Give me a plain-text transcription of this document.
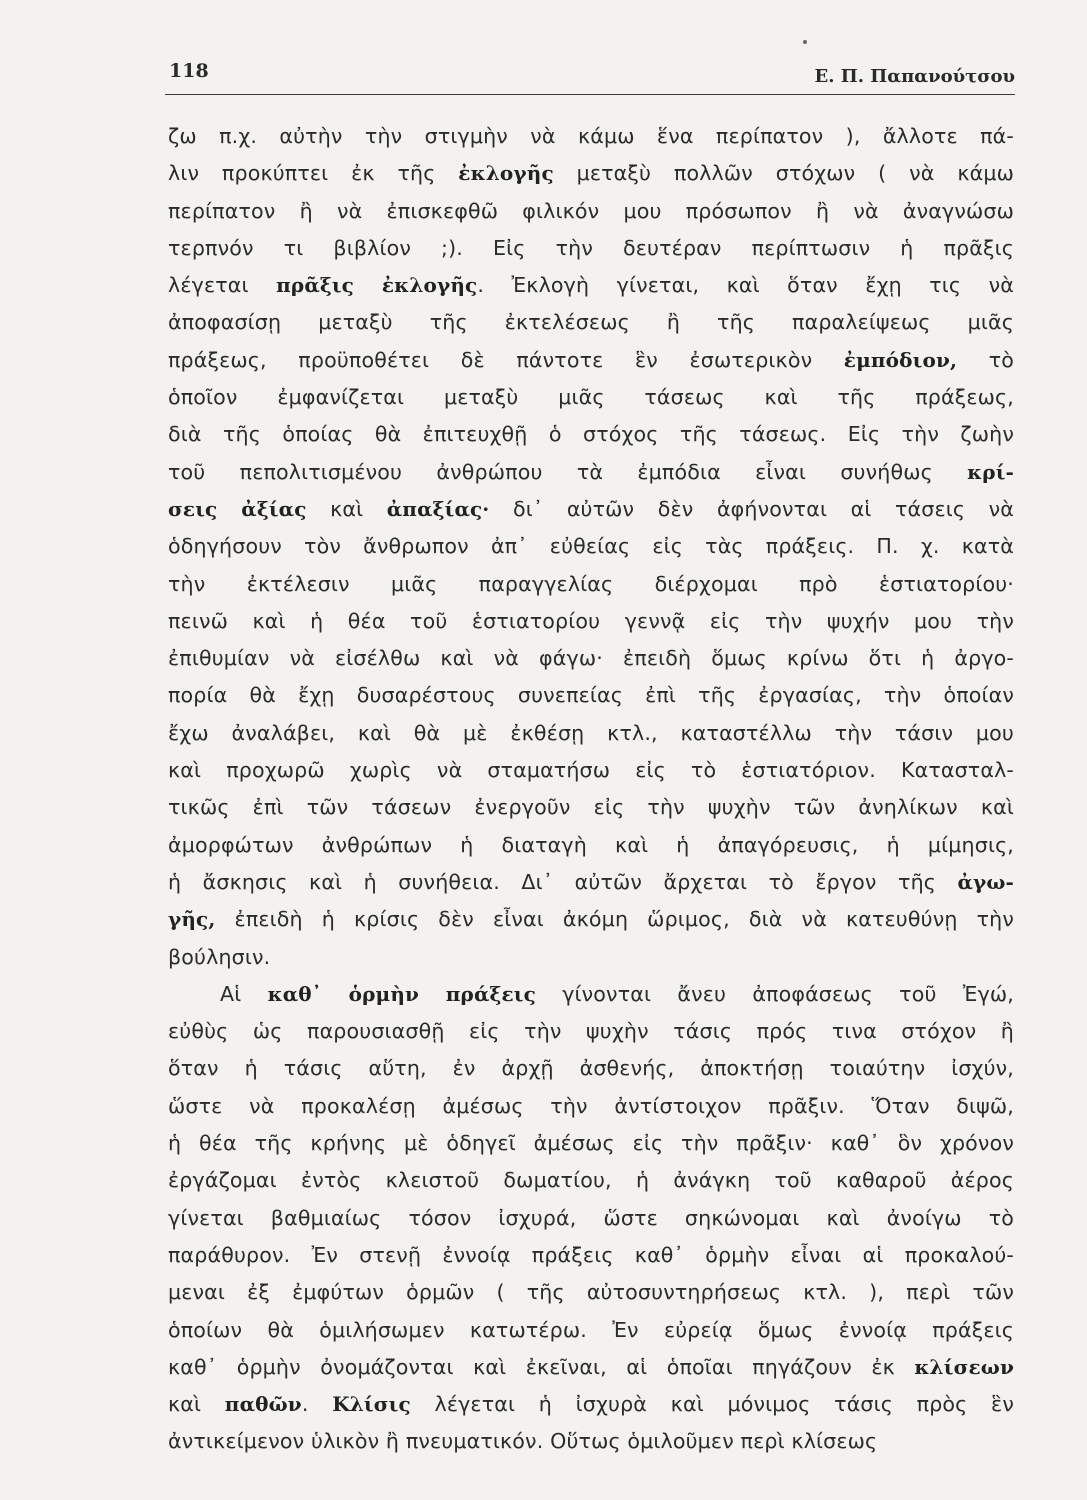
118	Ε. Π. Παπανούτσου
ζω π.χ. αὐτὴν τὴν στιγμὴν νὰ κάμω ἕνα περίπατον ), ἄλλοτε πά-
λιν προκύπτει ἐκ τῆς ἐκλογῆς μεταξὺ πολλῶν στόχων ( νὰ κάμω
περίπατον ἢ νὰ ἐπισκεφθῶ φιλικόν μου πρόσωπον ἢ νὰ ἀναγνώσω
τερπνόν τι βιβλίον ;). Εἰς τὴν δευτέραν περίπτωσιν ἡ πρᾶξις
λέγεται πρᾶξις ἐκλογῆς. Ἐκλογὴ γίνεται, καὶ ὅταν ἔχῃ τις νὰ
ἀποφασίσῃ μεταξὺ τῆς ἐκτελέσεως ἢ τῆς παραλείψεως μιᾶς
πράξεως, προϋποθέτει δὲ πάντοτε ἓν ἐσωτερικὸν ἐμπόδιον, τὸ
ὁποῖον ἐμφανίζεται μεταξὺ μιᾶς τάσεως καὶ τῆς πράξεως,
διὰ τῆς ὁποίας θὰ ἐπιτευχθῇ ὁ στόχος τῆς τάσεως. Εἰς τὴν ζωὴν
τοῦ πεπολιτισμένου ἀνθρώπου τὰ ἐμπόδια εἶναι συνήθως κρί-
σεις ἀξίας καὶ ἀπαξίας· δι᾽ αὐτῶν δὲν ἀφήνονται αἱ τάσεις νὰ
ὁδηγήσουν τὸν ἄνθρωπον ἀπ᾽ εὐθείας εἰς τὰς πράξεις. Π. χ. κατὰ
τὴν ἐκτέλεσιν μιᾶς παραγγελίας διέρχομαι πρὸ ἑστιατορίου·
πεινῶ καὶ ἡ θέα τοῦ ἑστιατορίου γεννᾷ εἰς τὴν ψυχήν μου τὴν
ἐπιθυμίαν νὰ εἰσέλθω καὶ νὰ φάγω· ἐπειδὴ ὅμως κρίνω ὅτι ἡ ἀργο-
πορία θὰ ἔχῃ δυσαρέστους συνεπείας ἐπὶ τῆς ἐργασίας, τὴν ὁποίαν
ἔχω ἀναλάβει, καὶ θὰ μὲ ἐκθέσῃ κτλ., καταστέλλω τὴν τάσιν μου
καὶ προχωρῶ χωρὶς νὰ σταματήσω εἰς τὸ ἑστιατόριον. Κατασταλ-
τικῶς ἐπὶ τῶν τάσεων ἐνεργοῦν εἰς τὴν ψυχὴν τῶν ἀνηλίκων καὶ
ἀμορφώτων ἀνθρώπων ἡ διαταγὴ καὶ ἡ ἀπαγόρευσις, ἡ μίμησις,
ἡ ἄσκησις καὶ ἡ συνήθεια. Δι᾽ αὐτῶν ἄρχεται τὸ ἔργον τῆς ἀγω-
γῆς, ἐπειδὴ ἡ κρίσις δὲν εἶναι ἀκόμη ὥριμος, διὰ νὰ κατευθύνῃ τὴν
βούλησιν.
Αἱ καθ᾽ ὁρμὴν πράξεις γίνονται ἄνευ ἀποφάσεως τοῦ Ἐγώ,
εὐθὺς ὡς παρουσιασθῇ εἰς τὴν ψυχὴν τάσις πρός τινα στόχον ἢ
ὅταν ἡ τάσις αὕτη, ἐν ἀρχῇ ἀσθενής, ἀποκτήσῃ τοιαύτην ἰσχύν,
ὥστε νὰ προκαλέσῃ ἀμέσως τὴν ἀντίστοιχον πρᾶξιν. Ὅταν διψῶ,
ἡ θέα τῆς κρήνης μὲ ὁδηγεῖ ἀμέσως εἰς τὴν πρᾶξιν· καθ᾽ ὃν χρόνον
ἐργάζομαι ἐντὸς κλειστοῦ δωματίου, ἡ ἀνάγκη τοῦ καθαροῦ ἀέρος
γίνεται βαθμιαίως τόσον ἰσχυρά, ὥστε σηκώνομαι καὶ ἀνοίγω τὸ
παράθυρον. Ἐν στενῇ ἐννοίᾳ πράξεις καθ᾽ ὁρμὴν εἶναι αἱ προκαλού-
μεναι ἐξ ἐμφύτων ὁρμῶν ( τῆς αὐτοσυντηρήσεως κτλ. ), περὶ τῶν
ὁποίων θὰ ὁμιλήσωμεν κατωτέρω. Ἐν εὐρείᾳ ὅμως ἐννοίᾳ πράξεις
καθ᾽ ὁρμὴν ὀνομάζονται καὶ ἐκεῖναι, αἱ ὁποῖαι πηγάζουν ἐκ κλίσεων
καὶ παθῶν. Κλίσις λέγεται ἡ ἰσχυρὰ καὶ μόνιμος τάσις πρὸς ἓν
ἀντικείμενον ὑλικὸν ἢ πνευματικόν. Οὕτως ὁμιλοῦμεν περὶ κλίσεως
